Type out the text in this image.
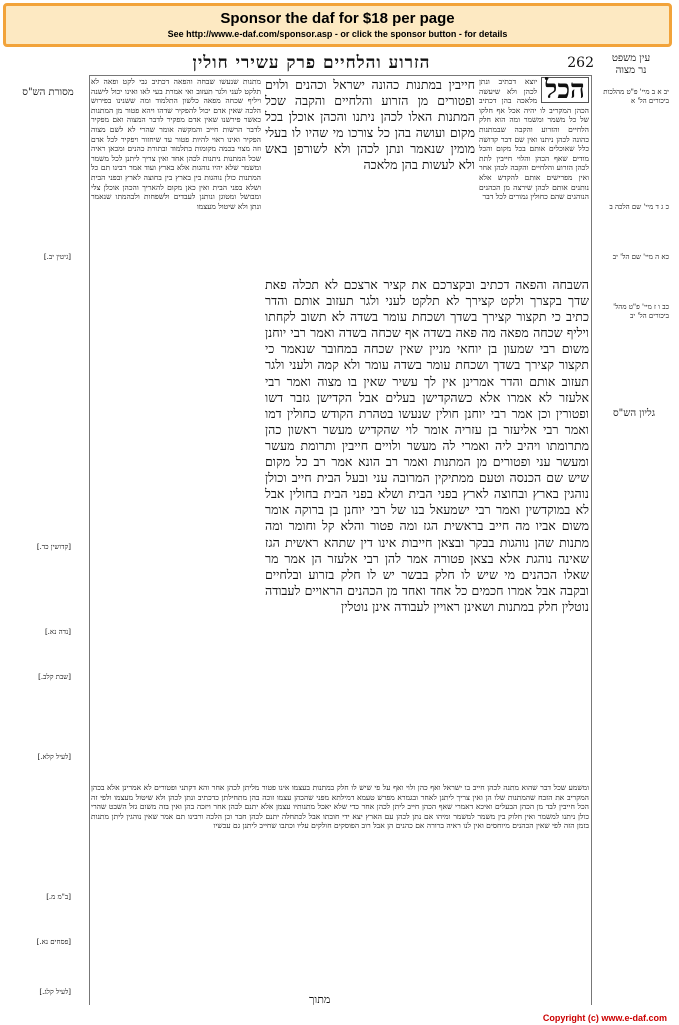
Sponsor the daf for $18 per page
See http://www.e-daf.com/sponsor.asp - or click the sponsor button - for details
262
הזרוע והלחיים פרק עשירי חולין	עין משפט
נר מצוה
יב א ב מיי' פ"ט מהלכות ביכורים הל' א
כ ג ד מיי' שם הלכה ב
כא ה מיי' שם הל' יב
כב ו ז מיי' פ"ט מהל' ביכורים הל' יב
גליון הש"ס
מסורת הש"ס
[גיטין יב.]
[קדושין כד.]
[נדה נא.]
[שבת קלב.]
[לעיל קלא.]
[ב"מ מ.]
[פסחים נא.]
[לעיל קלג.]
הכל

יוצא דכתיב ונתן לכהן ולא שיעשה מלאכה בהן דכתיב הכהן המקריב לו יהיה אכל אף חלקו של כל משמר ומשמר ומה הוא חלק הלחיים והזרוע והקבה שבמתנות כהונה לכהן ניתנו ואין שם דבר קדושה כלל שאוכלים אותם בכל מקום והכל מודים שאף הכהן והלוי חייבין לתת לכהן הזרוע והלחיים והקבה לכהן אחר ואין מפרישים אותם להקדש אלא נותנים אותם לכהן שירצה מן הכהנים הנוהגים שהם כחולין גמורים לכל דבר

מתנות שנעשו שבחה והפאה דכתיב גבי לקט ופאה לא תלקט לעני ולגר תעזוב ואי אמרת בעי לאו ואינו יכול לישנה ויליף שכחה מפאה כלשון התלמוד ומה ששנינו בפירוש הלכה שאין אדם יכול להפקיר שדהו ויהא פטור מן המתנות כאשר פירשנו שאין אדם מפקיר לדבר המצוה ואם מפקיר לדבר הרשות חייב והמקשה אומר שהרי לא לשם מצוה הפקיר ואינו ראוי להיות פטור עד שיחזור ויפקיר לכל אדם וזה מצוי בכמה מקומות בתלמוד ובתורת כהנים ומכאן ראיה שכל המתנות ניתנות לכהן אחד ואין צריך ליתנן לכל משמר ומשמר שלא יהיו נוהגות אלא בארץ ועוד אמר רבינו תם כל המתנות כולן נוהגות בין בארץ בין בחוצה לארץ ובפני הבית ושלא בפני הבית ואין כאן מקום להאריך והכהן אוכלן צלי ומבושל ומטוגן ונותנן לעבדים ולשפחות ולבהמתו שנאמר ונתן ולא שיטול מעצמו

חייבין במתנות כהונה ישראל וכהנים ולוים ופטורים מן הזרוע והלחיים והקבה שכל המתנות האלו לכהן ניתנו והכהן אוכלן בכל מקום ועושה בהן כל צורכו מי שהיו לו בעלי מומין שנאמר ונתן לכהן ולא לשורפן באש ולא לעשות בהן מלאכה

השבחה והפאה דכתיב ובקצרכם את קציר ארצכם לא תכלה פאת שדך בקצרך ולקט קצירך לא תלקט לעני ולגר תעזוב אותם והדר כתיב כי תקצור קצירך בשדך ושכחת עומר בשדה לא תשוב לקחתו ויליף שכחה מפאה מה פאה בשדה אף שכחה בשדה ואמר רבי יוחנן משום רבי שמעון בן יוחאי מניין שאין שכחה במחובר שנאמר כי תקצור קצירך בשדך ושכחת עומר בשדה עומר ולא קמה ולעני ולגר תעזוב אותם והדר אמרינן אין לך עשיר שאין בו מצוה ואמר רבי אלעזר לא אמרו אלא כשהקדישן בעלים אבל הקדישן גזבר דשו ופטורין וכן אמר רבי יוחנן חולין שנעשו בטהרת הקודש כחולין דמו ואמר רבי אליעזר בן עזריה אומר לוי שהקדיש מעשר ראשון כהן מתרומתו ויהיב ליה ואמרי לה מעשר ולויים חייבין ותרומת מעשר ומעשר עני ופטורים מן המתנות ואמר רב הונא אמר רב כל מקום שיש שם הכנסה וטעם ממתיקין המרובה עני ובעל הבית חייב וכולן נוהגין בארץ ובחוצה לארץ בפני הבית ושלא בפני הבית בחולין אבל לא במוקדשין ואמר רבי ישמעאל בנו של רבי יוחנן בן ברוקה אומר משום אביו מה חייב בראשית הגז ומה פטור והלא קל וחומר ומה מתנות שהן נוהגות בבקר ובצאן חייבות אינו דין שתהא ראשית הגז שאינה נוהגת אלא בצאן פטורה אמר להן רבי אלעזר הן אמר מר שאלו הכהנים מי שיש לו חלק בבשר יש לו חלק בזרוע ובלחיים ובקבה אבל אמרו חכמים כל אחד ואחד מן הכהנים הראויים לעבודה נוטלין חלק במתנות ושאינן ראויין לעבודה אינן נוטלין

ומשמע שכל דבר שהוא מתנה לכהן חייב בו ישראל ואף כהן ולוי ואף על פי שיש לו חלק במתנות בעצמו אינו פטור מליתן לכהן אחר והא דקתני ופטורים לא אמרינן אלא בכהן המקריב את הזבח שהמתנות שלו הן ואין צריך ליתנן לאחר ובגמרא מפרש טעמא דמילתא מפני שהכהן עצמו זוכה בהן מתחילתן כדכתיב ונתן לכהן ולא שיטול מעצמו ולפי זה הכל חייבין לבד מן הכהן הבעלים ואיכא דאמרי שאף הכהן חייב ליתן לכהן אחר כדי שלא יאכל מתנותיו עצמן אלא יתנם לכהן אחר ויזכה בהן ואין בזה משום גזל השבט שהרי כולן ניתנו למשמר ואין חלוק בין משמר למשמר ומיהו אם נתן לכהן עם הארץ יצא ידי חובתו אבל לכתחלה יתנם לכהן חבר וכן הלכה ורבינו תם אמר שאין נוהגין ליתן מתנות בזמן הזה לפי שאין הכהנים מיוחסים ואין לנו ראיה ברורה אם כהנים הן אבל רוב הפוסקים חולקים עליו וכתבו שחייב ליתנן גם עכשיו

מתוך
Copyright (c) www.e-daf.com
